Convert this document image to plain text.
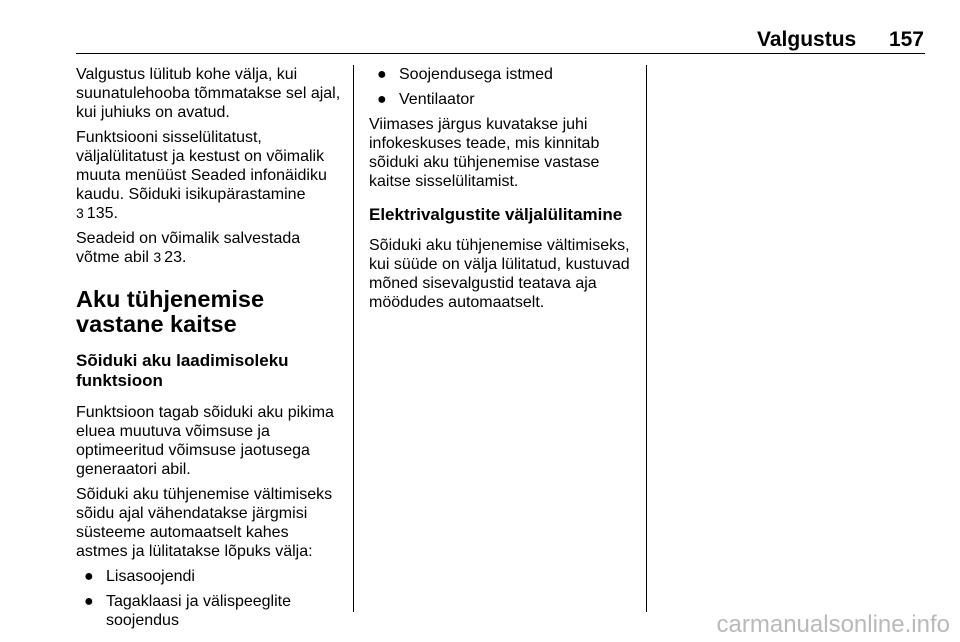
Valgustus	157

Valgustus lülitub kohe välja, kui suunatulehooba tõmmatakse sel ajal, kui juhiuks on avatud.

Funktsiooni sisselülitatust, väljalülitatust ja kestust on võimalik muuta menüüst Seaded infonäidiku kaudu. Sõiduki isikupärastamine
3 135.

Seadeid on võimalik salvestada võtme abil 3 23.

Aku tühjenemise vastane kaitse
Sõiduki aku laadimisoleku funktsioon

Funktsioon tagab sõiduki aku pikima eluea muutuva võimsuse ja optimeeritud võimsuse jaotusega generaatori abil.

Sõiduki aku tühjenemise vältimiseks sõidu ajal vähendatakse järgmisi süsteeme automaatselt kahes astmes ja lülitatakse lõpuks välja:

● Lisasoojendi
● Tagaklaasi ja välispeeglite soojendus
● Soojendusega istmed
● Ventilaator

Viimases järgus kuvatakse juhi infokeskuses teade, mis kinnitab sõiduki aku tühjenemise vastase kaitse sisselülitamist.

Elektrivalgustite väljalülitamine

Sõiduki aku tühjenemise vältimiseks, kui süüde on välja lülitatud, kustuvad mõned sisevalgustid teatava aja möödudes automaatselt.

carmanualsonline.info
